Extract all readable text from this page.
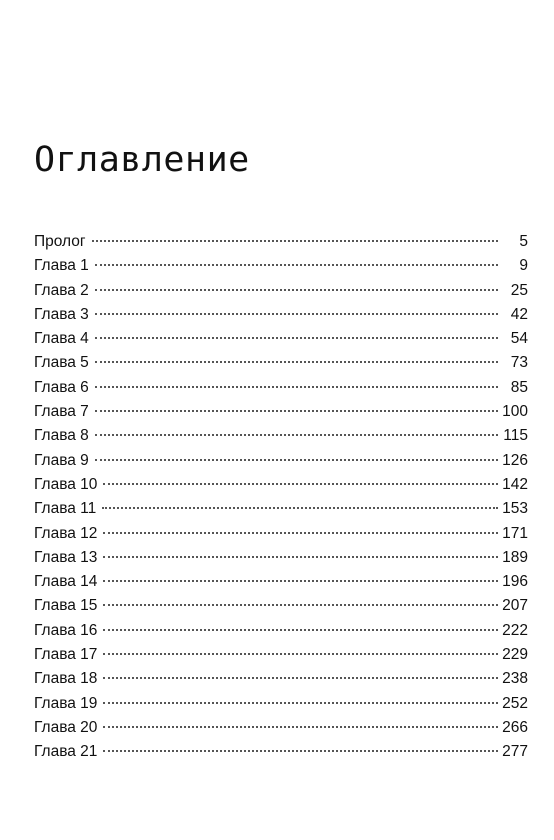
Оглавление
Пролог	5
Глава 1	9
Глава 2	25
Глава 3	42
Глава 4	54
Глава 5	73
Глава 6	85
Глава 7	100
Глава 8	115
Глава 9	126
Глава 10	142
Глава 11	153
Глава 12	171
Глава 13	189
Глава 14	196
Глава 15	207
Глава 16	222
Глава 17	229
Глава 18	238
Глава 19	252
Глава 20	266
Глава 21	277
